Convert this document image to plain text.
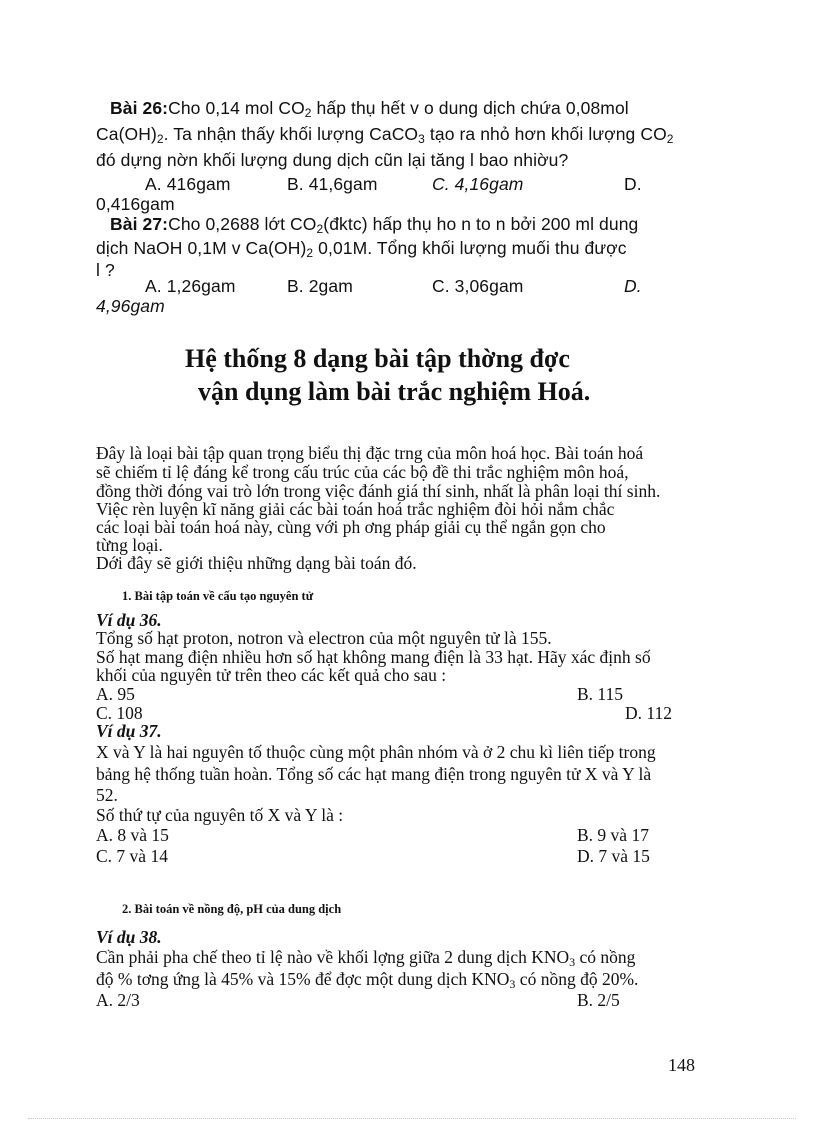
Bài 26:Cho 0,14 mol $CO_2$ hấp thụ hết v o dung dịch chứa 0,08mol
$Ca(OH)_2$. Ta nhận thấy khối lượng CaCO$_3$ tạo ra nhỏ hơn khối lượng $CO_2$
đó dựng nờn khối lượng dung dịch cũn lại tăng l bao nhiờu?
A. 416gam	B. 41,6gam	C. 4,16gam	D.
0,416gam
Bài 27:Cho 0,2688 lớt $CO_2(đktc)$ hấp thụ ho n to n bởi 200 ml dung
dịch NaOH 0,1M v $Ca(OH)_2$ 0,01M. Tổng khối lượng muối thu được
l ?
A. 1,26gam	B. 2gam	C. 3,06gam	D.
4,96gam
Hệ thống 8 dạng bài tập thờng đợc
vận dụng làm bài trắc nghiệm Hoá.
Đây là loại bài tập quan trọng biểu thị đặc trng của môn hoá học. Bài toán hoá
sẽ chiếm tỉ lệ đáng kể trong cấu trúc của các bộ đề thi trắc nghiệm môn hoá,
đồng thời đóng vai trò lớn trong việc đánh giá thí sinh, nhất là phân loại thí sinh.
Việc rèn luyện kĩ năng giải các bài toán hoá trắc nghiệm đòi hỏi nắm chắc
các loại bài toán hoá này, cùng với ph ơng pháp giải cụ thể ngắn gọn cho
từng loại.
Dới đây sẽ giới thiệu những dạng bài toán đó.
1. Bài tập toán về cấu tạo nguyên tử
Ví dụ 36.
Tổng số hạt proton, notron và electron của một nguyên tử là 155.
Số hạt mang điện nhiều hơn số hạt không mang điện là 33 hạt. Hãy xác định số
khối của nguyên tử trên theo các kết quả cho sau :
A. 95	B. 115
C. 108	D. 112
Ví dụ 37.
X và Y là hai nguyên tố thuộc cùng một phân nhóm và ở 2 chu kì liên tiếp trong
bảng hệ thống tuần hoàn. Tổng số các hạt mang điện trong nguyên tử X và Y là
52.
Số thứ tự của nguyên tố X và Y là :
A. 8 và 15	B. 9 và 17
C. 7 và 14	D. 7 và 15
2. Bài toán về nồng độ, pH của dung dịch
Ví dụ 38.
Cần phải pha chế theo tỉ lệ nào về khối lợng giữa 2 dung dịch $KNO_3$ có nồng
độ % tơng ứng là 45% và 15% để đợc một dung dịch $KNO_3$ có nồng độ 20%.
A. 2/3	B. 2/5
148
